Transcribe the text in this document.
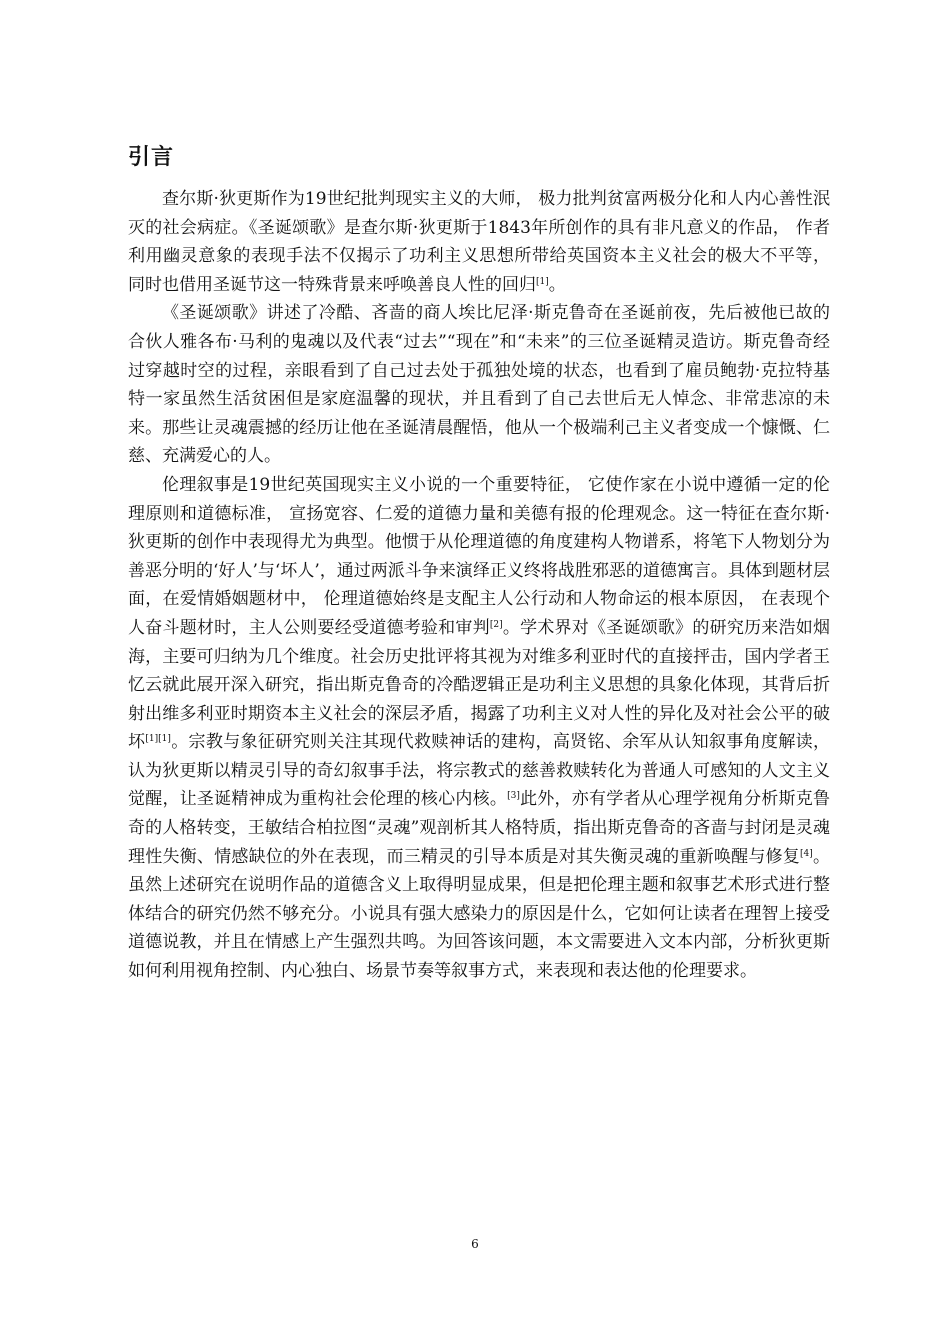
引言

查尔斯·狄更斯作为19世纪批判现实主义的大师， 极力批判贫富两极分化和人内心善性泯灭的社会病症。《圣诞颂歌》是查尔斯·狄更斯于1843年所创作的具有非凡意义的作品， 作者利用幽灵意象的表现手法不仅揭示了功利主义思想所带给英国资本主义社会的极大不平等， 同时也借用圣诞节这一特殊背景来呼唤善良人性的回归[1]。

《圣诞颂歌》讲述了冷酷、吝啬的商人埃比尼泽·斯克鲁奇在圣诞前夜，先后被他已故的合伙人雅各布·马利的鬼魂以及代表“过去”“现在”和“未来”的三位圣诞精灵造访。斯克鲁奇经过穿越时空的过程，亲眼看到了自己过去处于孤独处境的状态，也看到了雇员鲍勃·克拉特基特一家虽然生活贫困但是家庭温馨的现状，并且看到了自己去世后无人悼念、非常悲凉的未来。那些让灵魂震撼的经历让他在圣诞清晨醒悟，他从一个极端利己主义者变成一个慷慨、仁慈、充满爱心的人。

伦理叙事是19世纪英国现实主义小说的一个重要特征， 它使作家在小说中遵循一定的伦理原则和道德标准， 宣扬宽容、仁爱的道德力量和美德有报的伦理观念。这一特征在查尔斯·狄更斯的创作中表现得尤为典型。他惯于从伦理道德的角度建构人物谱系，将笔下人物划分为善恶分明的‘好人’与‘坏人’，通过两派斗争来演绎正义终将战胜邪恶的道德寓言。具体到题材层面，在爱情婚姻题材中， 伦理道德始终是支配主人公行动和人物命运的根本原因， 在表现个人奋斗题材时，主人公则要经受道德考验和审判[2]。学术界对《圣诞颂歌》的研究历来浩如烟海，主要可归纳为几个维度。社会历史批评将其视为对维多利亚时代的直接抨击，国内学者王忆云就此展开深入研究，指出斯克鲁奇的冷酷逻辑正是功利主义思想的具象化体现，其背后折射出维多利亚时期资本主义社会的深层矛盾，揭露了功利主义对人性的异化及对社会公平的破坏[1][1]。宗教与象征研究则关注其现代救赎神话的建构，高贤铭、余军从认知叙事角度解读，认为狄更斯以精灵引导的奇幻叙事手法，将宗教式的慈善救赎转化为普通人可感知的人文主义觉醒，让圣诞精神成为重构社会伦理的核心内核。[3]此外，亦有学者从心理学视角分析斯克鲁奇的人格转变，王敏结合柏拉图“灵魂”观剖析其人格特质，指出斯克鲁奇的吝啬与封闭是灵魂理性失衡、情感缺位的外在表现，而三精灵的引导本质是对其失衡灵魂的重新唤醒与修复[4]。虽然上述研究在说明作品的道德含义上取得明显成果，但是把伦理主题和叙事艺术形式进行整体结合的研究仍然不够充分。小说具有强大感染力的原因是什么，它如何让读者在理智上接受道德说教，并且在情感上产生强烈共鸣。为回答该问题，本文需要进入文本内部，分析狄更斯如何利用视角控制、内心独白、场景节奏等叙事方式，来表现和表达他的伦理要求。

6
